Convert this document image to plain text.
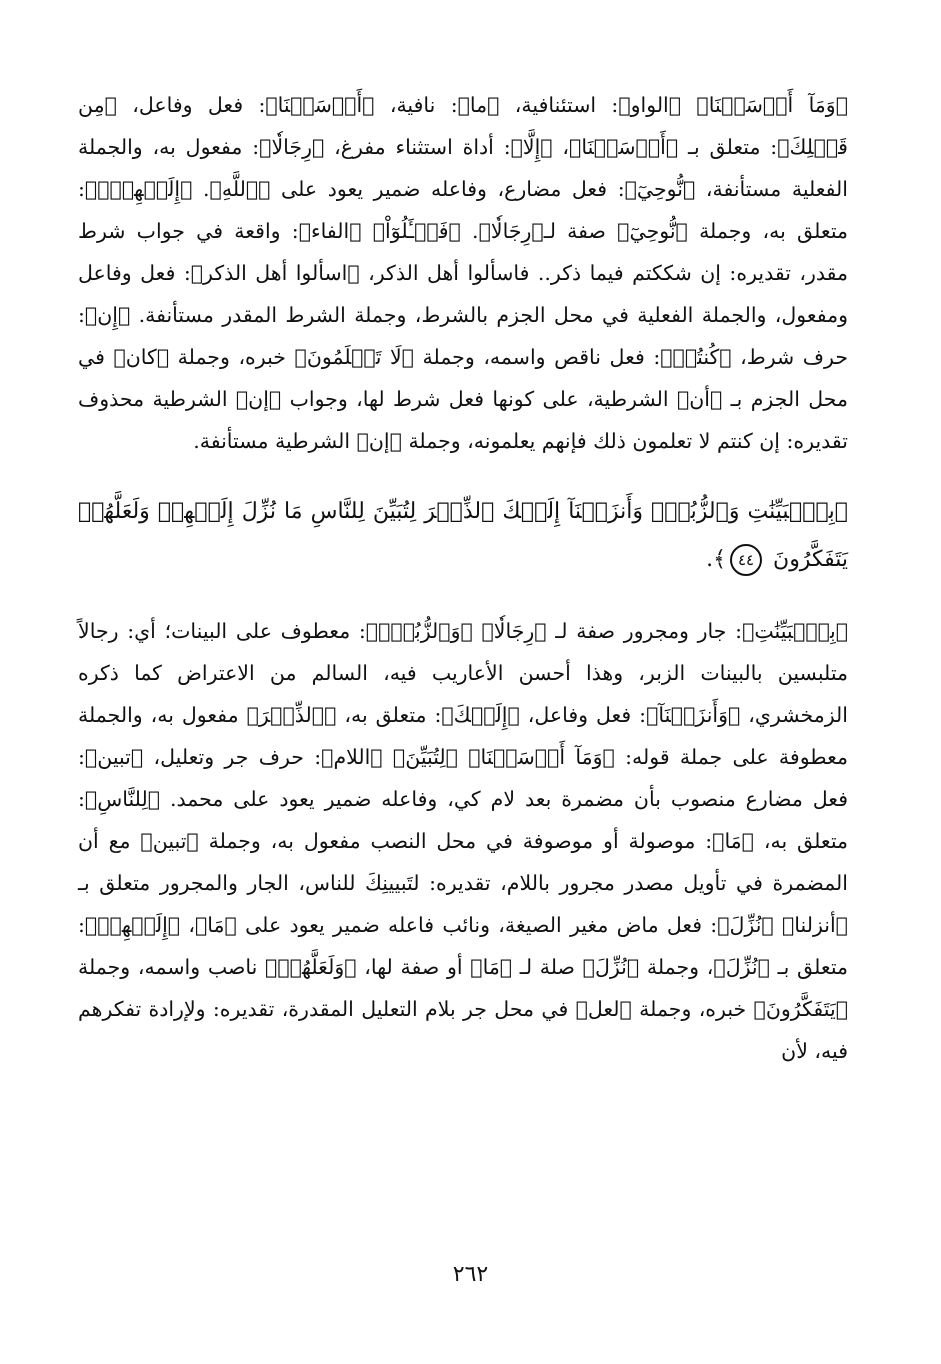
﴿وَمَآ أَرۡسَلۡنَا﴾ ﴿الواو﴾: استئنافية، ﴿ما﴾: نافية، ﴿أَرۡسَلۡنَا﴾: فعل وفاعل، ﴿مِن قَبۡلِكَ﴾: متعلق بـ ﴿أَرۡسَلۡنَا﴾، ﴿إِلَّا﴾: أداة استثناء مفرغ، ﴿رِجَالٗا﴾: مفعول به، والجملة الفعلية مستأنفة، ﴿نُّوحِيٓ﴾: فعل مضارع، وفاعله ضمير يعود على ﴿ٱللَّهِ﴾. ﴿إِلَيۡهِمۡۚ﴾: متعلق به، وجملة ﴿نُّوحِيٓ﴾ صفة لـ﴿رِجَالٗا﴾. ﴿فَسۡـَٔلُوٓاْ﴾ ﴿الفاء﴾: واقعة في جواب شرط مقدر، تقديره: إن شككتم فيما ذكر.. فاسألوا أهل الذكر، ﴿اسألوا أهل الذكر﴾: فعل وفاعل ومفعول، والجملة الفعلية في محل الجزم بالشرط، وجملة الشرط المقدر مستأنفة. ﴿إِن﴾: حرف شرط، ﴿كُنتُمۡ﴾: فعل ناقص واسمه، وجملة ﴿لَا تَعۡلَمُونَ﴾ خبره، وجملة ﴿كان﴾ في محل الجزم بـ ﴿أن﴾ الشرطية، على كونها فعل شرط لها، وجواب ﴿إن﴾ الشرطية محذوف تقديره: إن كنتم لا تعلمون ذلك فإنهم يعلمونه، وجملة ﴿إن﴾ الشرطية مستأنفة.

﴿بِٱلۡبَيِّنَٰتِ وَٱلزُّبُرِۗ وَأَنزَلۡنَآ إِلَيۡكَ ٱلذِّكۡرَ لِتُبَيِّنَ لِلنَّاسِ مَا نُزِّلَ إِلَيۡهِمۡ وَلَعَلَّهُمۡ يَتَفَكَّرُونَ ٤٤﴾.

﴿بِٱلۡبَيِّنَٰتِ﴾: جار ومجرور صفة لـ ﴿رِجَالٗا﴾ ﴿وَٱلزُّبُرِۗ﴾: معطوف على البينات؛ أي: رجالاً متلبسين بالبينات الزبر، وهذا أحسن الأعاريب فيه، السالم من الاعتراض كما ذكره الزمخشري، ﴿وَأَنزَلۡنَآ﴾: فعل وفاعل، ﴿إِلَيۡكَ﴾: متعلق به، ﴿ٱلذِّكۡرَ﴾ مفعول به، والجملة معطوفة على جملة قوله: ﴿وَمَآ أَرۡسَلۡنَا﴾ ﴿لِتُبَيِّنَ﴾ ﴿اللام﴾: حرف جر وتعليل، ﴿تبين﴾: فعل مضارع منصوب بأن مضمرة بعد لام كي، وفاعله ضمير يعود على محمد. ﴿لِلنَّاسِ﴾: متعلق به، ﴿مَا﴾: موصولة أو موصوفة في محل النصب مفعول به، وجملة ﴿تبين﴾ مع أن المضمرة في تأويل مصدر مجرور باللام، تقديره: لتَبيينِكَ للناس، الجار والمجرور متعلق بـ ﴿أنزلنا﴾ ﴿نُزِّلَ﴾: فعل ماض مغير الصيغة، ونائب فاعله ضمير يعود على ﴿مَا﴾، ﴿إِلَيۡهِمۡ﴾: متعلق بـ ﴿نُزِّلَ﴾، وجملة ﴿نُزِّلَ﴾ صلة لـ ﴿مَا﴾ أو صفة لها، ﴿وَلَعَلَّهُمۡ﴾ ناصب واسمه، وجملة ﴿يَتَفَكَّرُونَ﴾ خبره، وجملة ﴿لعل﴾ في محل جر بلام التعليل المقدرة، تقديره: ولإرادة تفكرهم فيه، لأن

٢٦٢
